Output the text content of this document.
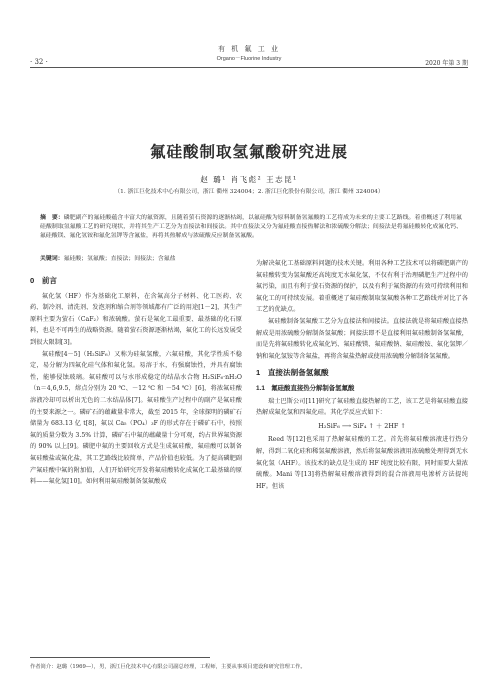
有 机 氟 工 业
Organo－Fluorine Industry
· 32 ·	2020 年第 3 期
氟硅酸制取氢氟酸研究进展
赵 璐¹ 肖飞彪² 王志昆¹
（1. 浙江巨化技术中心有限公司，浙江 衢州 324004；2. 浙江巨化股份有限公司，浙江 衢州 324004）
摘　要：磷肥副产的氟硅酸蕴含丰富大的氟资源，且随着萤石资源的逐渐枯竭，以氟硅酸为原料制备氢氟酸的工艺将成为未来的主要工艺路线。着重概述了利用氟硅酸制取氢氟酸工艺的研究现状，并将其生产工艺分为直接法和间接法。其中直接法又分为氟硅酸直接热解法和浓硫酸分解法；间接法是将氟硅酸转化成氟化钙、氟硅酸镁、氟化氢铵和氟化氢钾等含氟盐，再将其热解成与浓硫酸反应制备氢氟酸。
关键词：氟硅酸；氢氟酸；直接法；间接法；含氟盐
0　前言

氟化氢（HF）作为基础化工原料，在含氟高分子材料、化工医药、农药、制冷剂、清洗剂、发泡剂和缩合剂等领域都有广泛的用途[1－2]，其生产原料主要为萤石（CaF₂）和浓硫酸。萤石是氟化工最重要、最基础的化石原料，也是不可再生的战略资源。随着萤石资源逐渐枯竭，氟化工的长远发展受到很大限制[3]。

氟硅酸[4－5]（H₂SiF₆）又称为硅氟氢酸，六氟硅酸，其化学性质不稳定，易分解为四氟化硅气体和氟化氢。易溶于水，有强腐蚀性，并具有腐蚀性，能够侵蚀玻璃。氟硅酸可以与水形成稳定的结晶水合物 H₂SiF₆·nH₂O（n＝4,6,9.5，熔点分别为 20 ℃、－12 ℃ 和 －54 ℃）[6]，将浓氟硅酸溶液冷却可以析出无色的二水结晶体[7]。氟硅酸生产过程中的副产是氟硅酸的主要来源之一。磷矿石的蕴藏量非常大，截至 2015 年，全球探明的磷矿石储量为 683.13 亿 t[8]，氟以 Ca₅（PO₄）₃F 的形式存在于磷矿石中，按照氟的质量分数为 3.5% 计算，磷矿石中氟的蕴藏量十分可观，约占世界氟资源的 90% 以上[9]。磷肥中氟的主要回收方式是生成氟硅酸，氟硅酸可以制备氟硅酸盐或氟化盐，其工艺路线比较简单，产品价值也较低。为了提高磷肥副产氟硅酸中氟的附加值，人们开始研究开发将氟硅酸转化成氟化工最基础的原料——氟化氢[10]。如何利用氟硅酸制备氢氟酸成

为解决氟化工基础原料问题的技术关键。利用各种工艺技术可以将磷肥副产的氟硅酸转变为氢氟酸还高纯度无水氟化氢，不仅有利于治理磷肥生产过程中的氟污染，而且有利于萤石资源的保护，以及有利于氟资源的有效可持续利用和氟化工的可持续发展。着重概述了氟硅酸制取氢氟酸各种工艺路线并对比了各工艺的优缺点。

氟硅酸制备氢氟酸工艺分为直接法和间接法。直接法就是将氟硅酸直接热解成是用浓硫酸分解制备氢氟酸；间接法即不是直接利用氟硅酸制备氢氟酸，而是先将氟硅酸转化成氟化钙、氟硅酸镁、氟硅酸钠、氟硅酸铵、氟化氢钾／钠和氟化氢铵等含氟盐，再将含氟盐热解或使用浓硫酸分解制备氢氟酸。

1　直接法制备氢氟酸
1.1　氟硅酸直接热分解制备氢氟酸

瑞士巴斯公司[11]研究了氟硅酸直接热解的工艺，该工艺是将氟硅酸直接热解成氟化氢和四氟化硅。其化学反应式如下：

H₂SiF₆ ⟶ SiF₄ ↑ ＋ 2HF ↑

Reed 等[12]也采用了热解氟硅酸的工艺。首先将氟硅酸溶液进行热分解，得到二氧化硅和稀氢氟酸溶液，然后将氢氟酸溶液用浓硫酸处理得到无水氟化氢（AHF）。该技术的缺点是生成的 HF 纯度比较有限，同时需要大量浓硫酸。Mani 等[13]将热解氟硅酸溶液得到的混合溶液用电渗析方法提纯 HF。但该

作者简介：赵璐（1969—），男，浙江巨化技术中心有限公司副总经理，工程师，主要从事项目建设和研究管理工作。
